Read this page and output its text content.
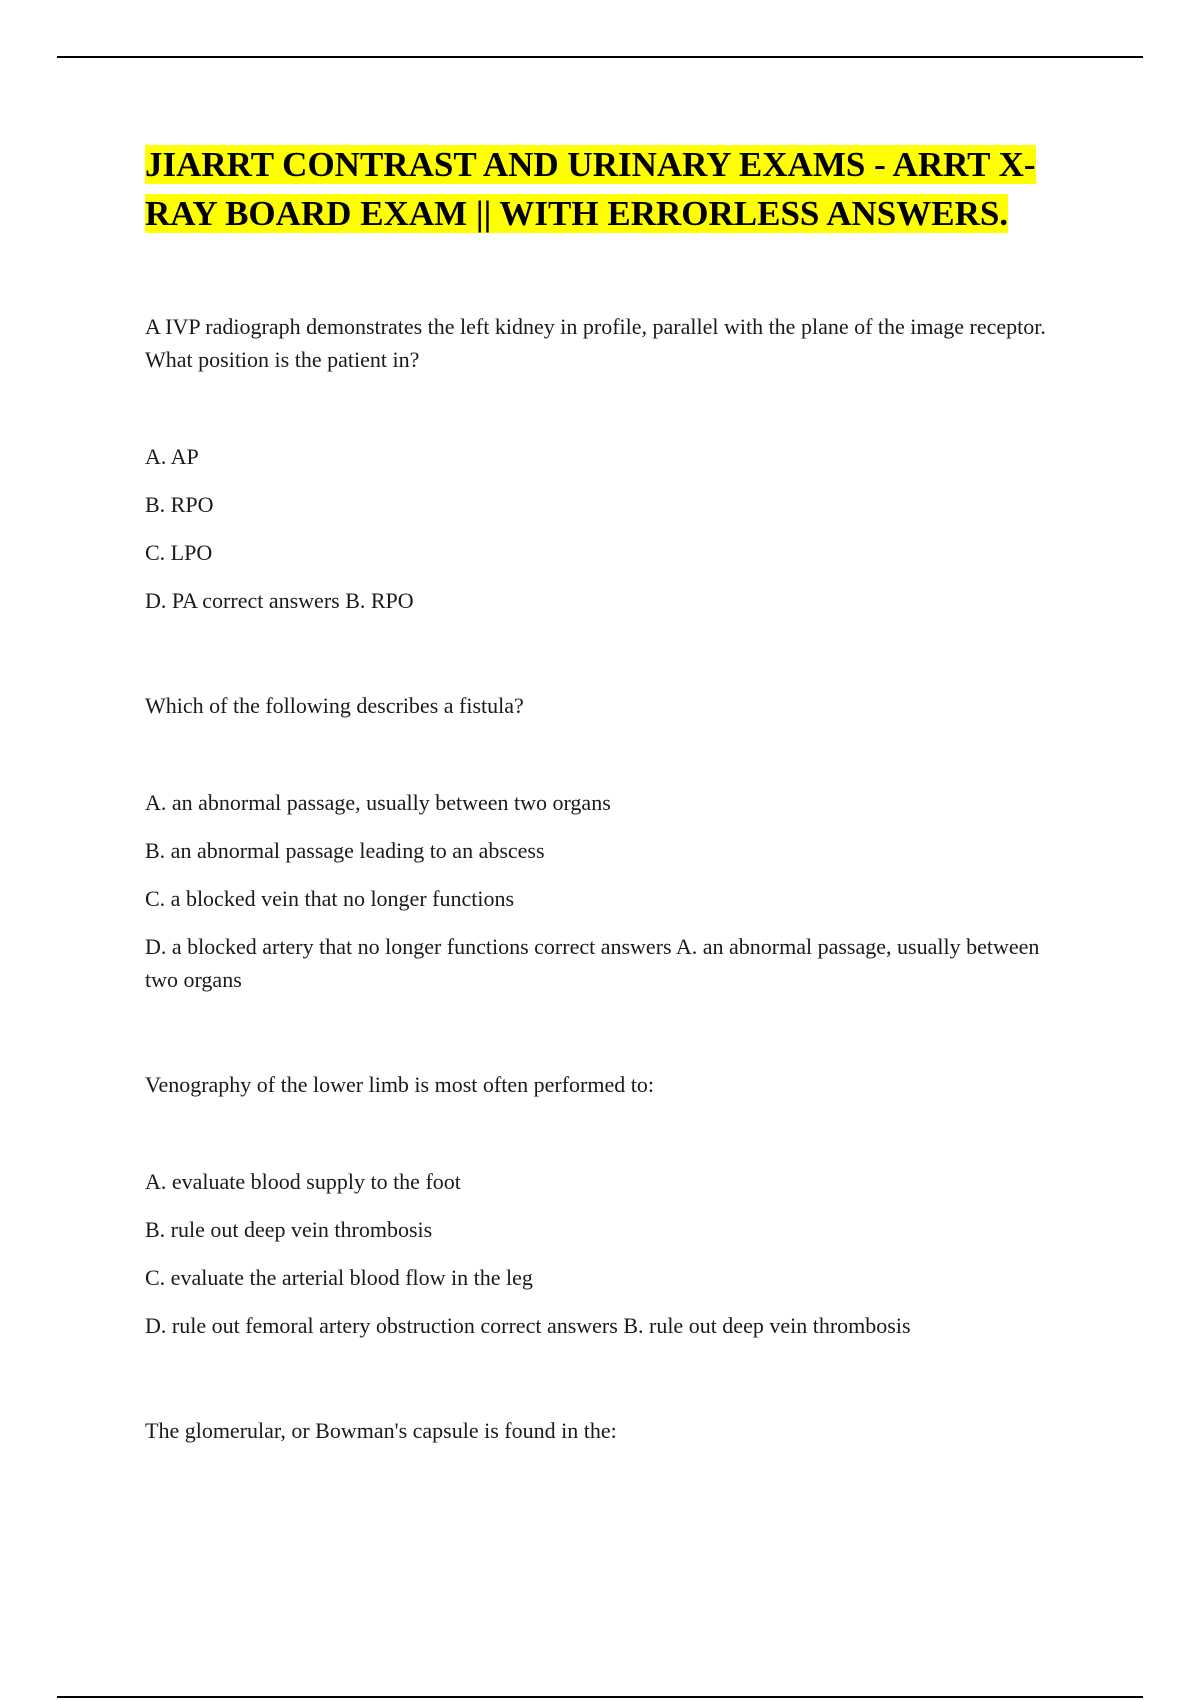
JIARRT CONTRAST AND URINARY EXAMS - ARRT X-RAY BOARD EXAM || WITH ERRORLESS ANSWERS.

A IVP radiograph demonstrates the left kidney in profile, parallel with the plane of the image receptor. What position is the patient in?

A. AP
B. RPO
C. LPO
D. PA correct answers B. RPO

Which of the following describes a fistula?

A. an abnormal passage, usually between two organs
B. an abnormal passage leading to an abscess
C. a blocked vein that no longer functions
D. a blocked artery that no longer functions correct answers A. an abnormal passage, usually between two organs

Venography of the lower limb is most often performed to:

A. evaluate blood supply to the foot
B. rule out deep vein thrombosis
C. evaluate the arterial blood flow in the leg
D. rule out femoral artery obstruction correct answers B. rule out deep vein thrombosis

The glomerular, or Bowman's capsule is found in the:
